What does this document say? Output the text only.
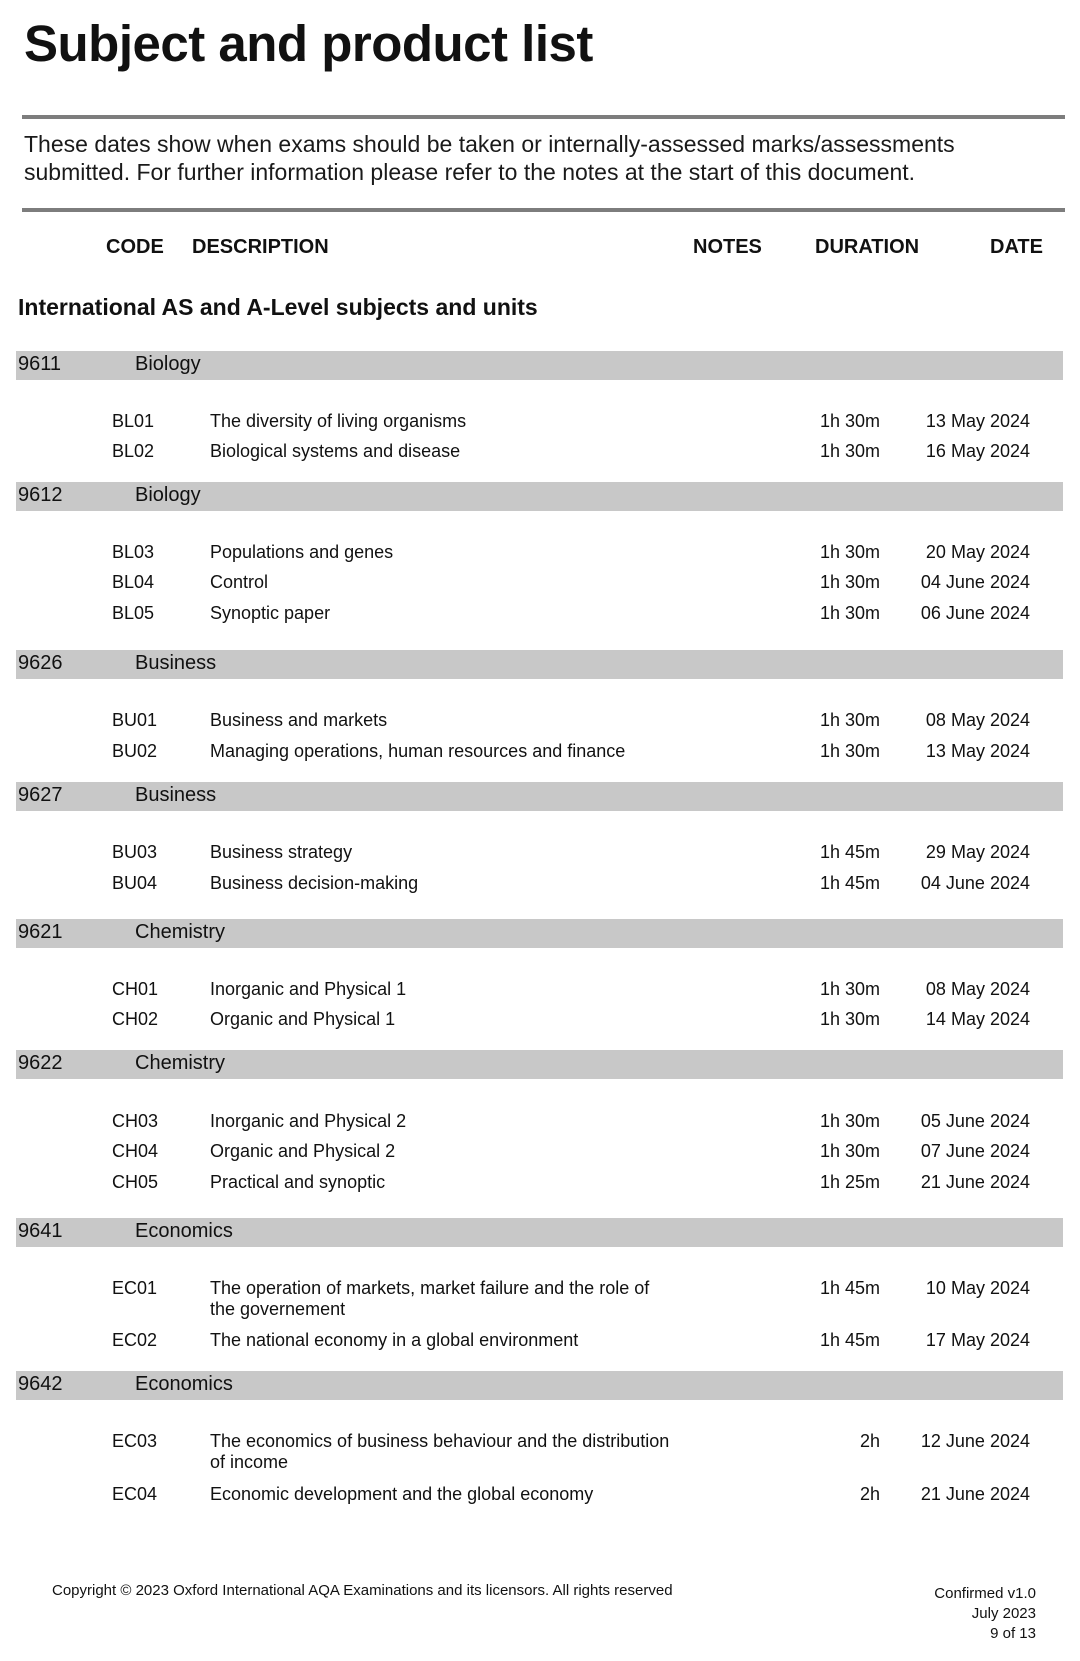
Subject and product list
These dates show when exams should be taken or internally-assessed marks/assessments submitted. For further information please refer to the notes at the start of this document.
CODE DESCRIPTION	NOTES	DURATION	DATE
International AS and A-Level subjects and units
9611	Biology
BL01	The diversity of living organisms	1h 30m	13 May 2024
BL02	Biological systems and disease	1h 30m	16 May 2024
9612	Biology
BL03	Populations and genes	1h 30m	20 May 2024
BL04	Control	1h 30m 04 June 2024
BL05	Synoptic paper	1h 30m 06 June 2024
9626	Business
BU01	Business and markets	1h 30m	08 May 2024
BU02	Managing operations, human resources and finance	1h 30m	13 May 2024
9627	Business
BU03	Business strategy	1h 45m	29 May 2024
BU04	Business decision-making	1h 45m 04 June 2024
9621	Chemistry
CH01	Inorganic and Physical 1	1h 30m	08 May 2024
CH02	Organic and Physical 1	1h 30m	14 May 2024
9622	Chemistry
CH03	Inorganic and Physical 2	1h 30m 05 June 2024
CH04	Organic and Physical 2	1h 30m 07 June 2024
CH05	Practical and synoptic	1h 25m 21 June 2024
9641	Economics
EC01	The operation of markets, market failure and the role of the governement
1h 45m	10 May 2024
EC02	The national economy in a global environment	1h 45m	17 May 2024
9642	Economics
EC03	The economics of business behaviour and the distribution of income
2h 12 June 2024
EC04	Economic development and the global economy	2h 21 June 2024
Copyright © 2023 Oxford International AQA Examinations and its licensors. All rights reserved	Confirmed v1.0
July 2023
9 of 13
